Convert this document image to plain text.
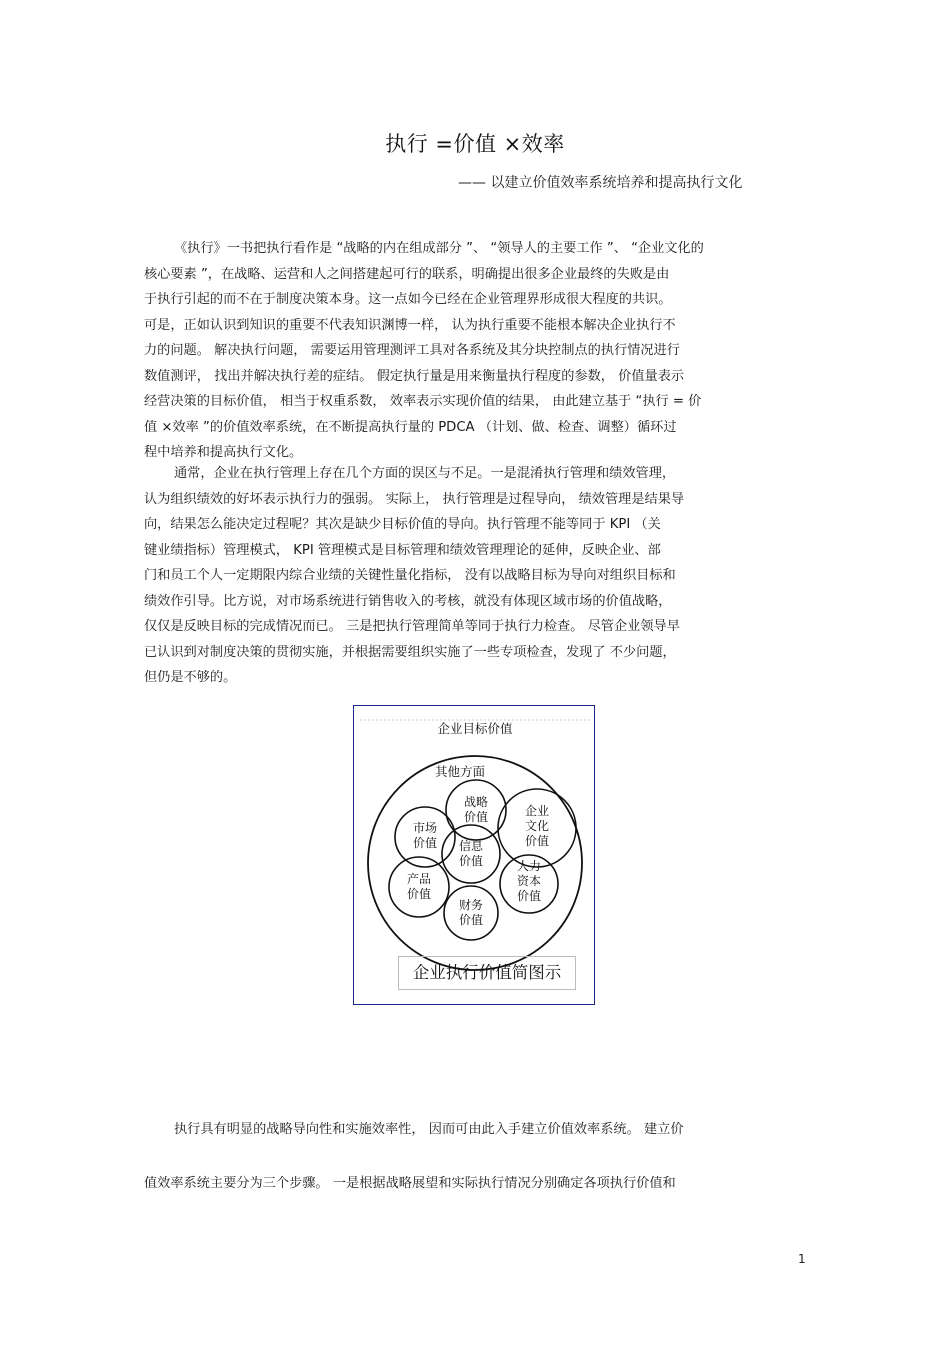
执行 =价值 ×效率
—— 以建立价值效率系统培养和提高执行文化
《执行》一书把执行看作是 “战略的内在组成部分 ”、 “领导人的主要工作 ”、 “企业文化的
核心要素 ”，在战略、运营和人之间搭建起可行的联系，明确提出很多企业最终的失败是由
于执行引起的而不在于制度决策本身。这一点如今已经在企业管理界形成很大程度的共识。
可是，正如认识到知识的重要不代表知识渊博一样， 认为执行重要不能根本解决企业执行不
力的问题。 解决执行问题， 需要运用管理测评工具对各系统及其分块控制点的执行情况进行
数值测评， 找出并解决执行差的症结。 假定执行量是用来衡量执行程度的参数， 价值量表示
经营决策的目标价值， 相当于权重系数， 效率表示实现价值的结果， 由此建立基于 “执行 = 价
值 ×效率 ”的价值效率系统，在不断提高执行量的 PDCA （计划、做、检查、调整）循环过
程中培养和提高执行文化。
通常，企业在执行管理上存在几个方面的误区与不足。一是混淆执行管理和绩效管理，
认为组织绩效的好坏表示执行力的强弱。 实际上， 执行管理是过程导向， 绩效管理是结果导
向，结果怎么能决定过程呢？其次是缺少目标价值的导向。执行管理不能等同于 KPI （关
键业绩指标）管理模式， KPI 管理模式是目标管理和绩效管理理论的延伸，反映企业、部
门和员工个人一定期限内综合业绩的关键性量化指标， 没有以战略目标为导向对组织目标和
绩效作引导。比方说，对市场系统进行销售收入的考核，就没有体现区域市场的价值战略，
仅仅是反映目标的完成情况而已。 三是把执行管理简单等同于执行力检查。 尽管企业领导早
已认识到对制度决策的贯彻实施，并根据需要组织实施了一些专项检查，发现了 不少问题，
但仍是不够的。
企业目标价值
其他方面
战略
价值
市场
价值
企业
文化
价值
信息
价值	人力
资本
价值
产品
价值
财务
价值
企业执行价值简图示
执行具有明显的战略导向性和实施效率性， 因而可由此入手建立价值效率系统。 建立价
值效率系统主要分为三个步骤。 一是根据战略展望和实际执行情况分别确定各项执行价值和
1
